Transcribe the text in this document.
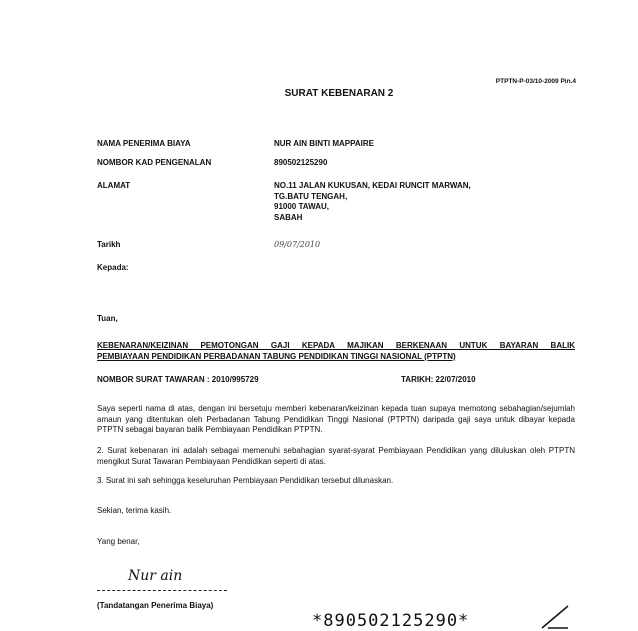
PTPTN-P-03/10-2009 Pin.4
SURAT KEBENARAN 2
NAMA PENERIMA BIAYA	NUR AIN BINTI MAPPAIRE
NOMBOR KAD PENGENALAN	890502125290
ALAMAT	NO.11 JALAN KUKUSAN, KEDAI RUNCIT MARWAN,
TG.BATU TENGAH,
91000 TAWAU,
SABAH
Tarikh	09/07/2010
Kepada:
Tuan,
KEBENARAN/KEIZINAN PEMOTONGAN GAJI KEPADA MAJIKAN BERKENAAN UNTUK BAYARAN BALIK
PEMBIAYAAN PENDIDIKAN PERBADANAN TABUNG PENDIDIKAN TINGGI NASIONAL (PTPTN)
NOMBOR SURAT TAWARAN : 2010/995729	TARIKH: 22/07/2010
Saya seperti nama di atas, dengan ini bersetuju memberi kebenaran/keizinan kepada tuan supaya memotong sebahagian/sejumlah amaun yang ditentukan oleh Perbadanan Tabung Pendidikan Tinggi Nasional (PTPTN) daripada gaji saya untuk dibayar kepada PTPTN sebagai bayaran balik Pembiayaan Pendidikan PTPTN.
2. Surat kebenaran ini adalah sebagai memenuhi sebahagian syarat-syarat Pembiayaan Pendidikan yang diluluskan oleh PTPTN mengikut Surat Tawaran Pembiayaan Pendidikan seperti di atas.
3. Surat ini sah sehingga keseluruhan Pembiayaan Pendidikan tersebut dilunaskan.
Sekian, terima kasih.
Yang benar,
Nur ain
(Tandatangan Penerima Biaya)
*890502125290*
